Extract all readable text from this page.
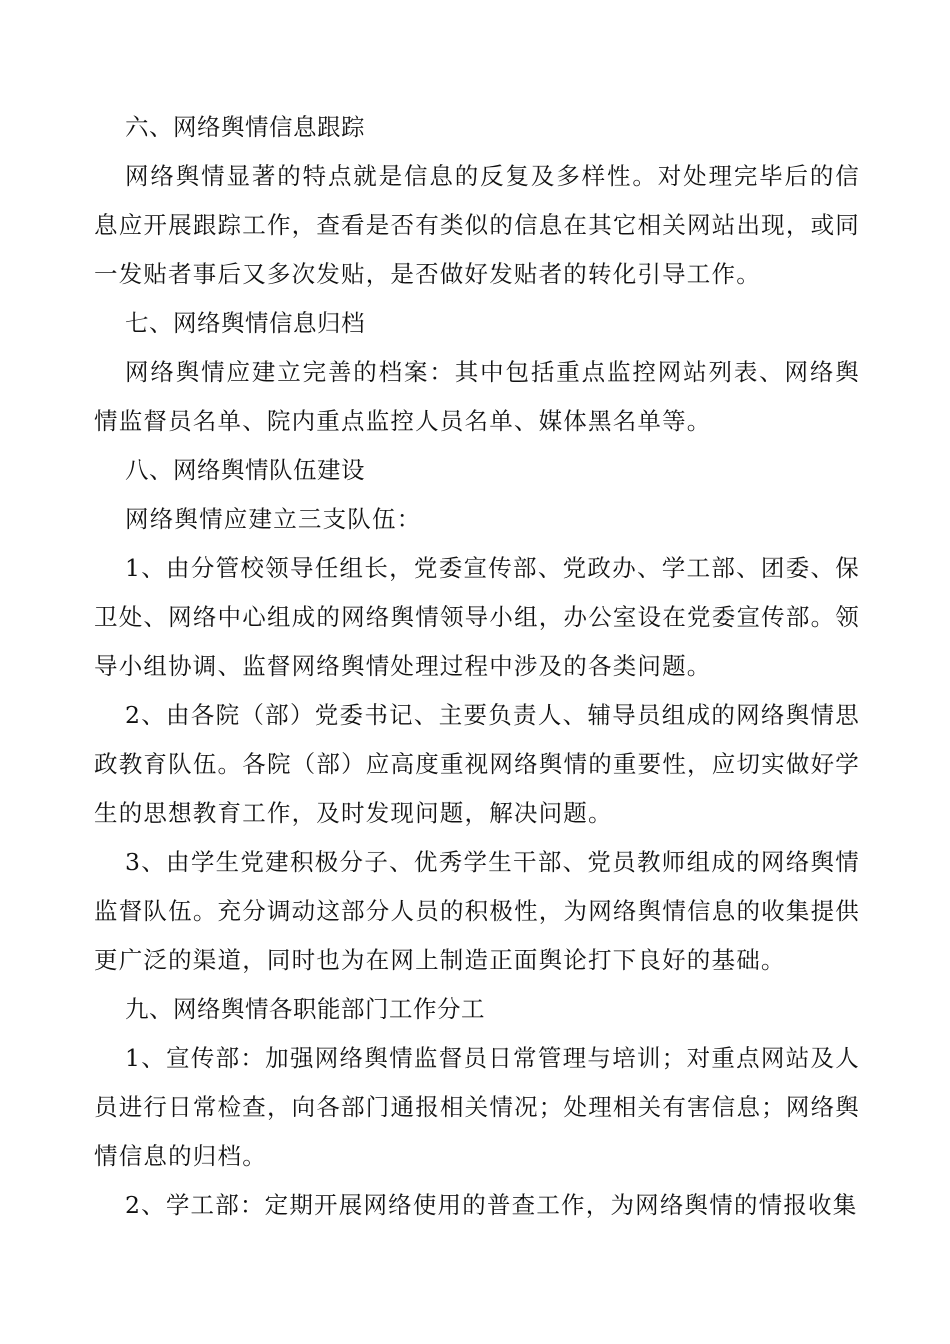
六、网络舆情信息跟踪

网络舆情显著的特点就是信息的反复及多样性。对处理完毕后的信息应开展跟踪工作，查看是否有类似的信息在其它相关网站出现，或同一发贴者事后又多次发贴，是否做好发贴者的转化引导工作。

七、网络舆情信息归档

网络舆情应建立完善的档案：其中包括重点监控网站列表、网络舆情监督员名单、院内重点监控人员名单、媒体黑名单等。

八、网络舆情队伍建设

网络舆情应建立三支队伍：

1、由分管校领导任组长，党委宣传部、党政办、学工部、团委、保卫处、网络中心组成的网络舆情领导小组，办公室设在党委宣传部。领导小组协调、监督网络舆情处理过程中涉及的各类问题。

2、由各院（部）党委书记、主要负责人、辅导员组成的网络舆情思政教育队伍。各院（部）应高度重视网络舆情的重要性，应切实做好学生的思想教育工作，及时发现问题，解决问题。

3、由学生党建积极分子、优秀学生干部、党员教师组成的网络舆情监督队伍。充分调动这部分人员的积极性，为网络舆情信息的收集提供更广泛的渠道，同时也为在网上制造正面舆论打下良好的基础。

九、网络舆情各职能部门工作分工

1、宣传部：加强网络舆情监督员日常管理与培训；对重点网站及人员进行日常检查，向各部门通报相关情况；处理相关有害信息；网络舆情信息的归档。

2、学工部：定期开展网络使用的普查工作，为网络舆情的情报收集
